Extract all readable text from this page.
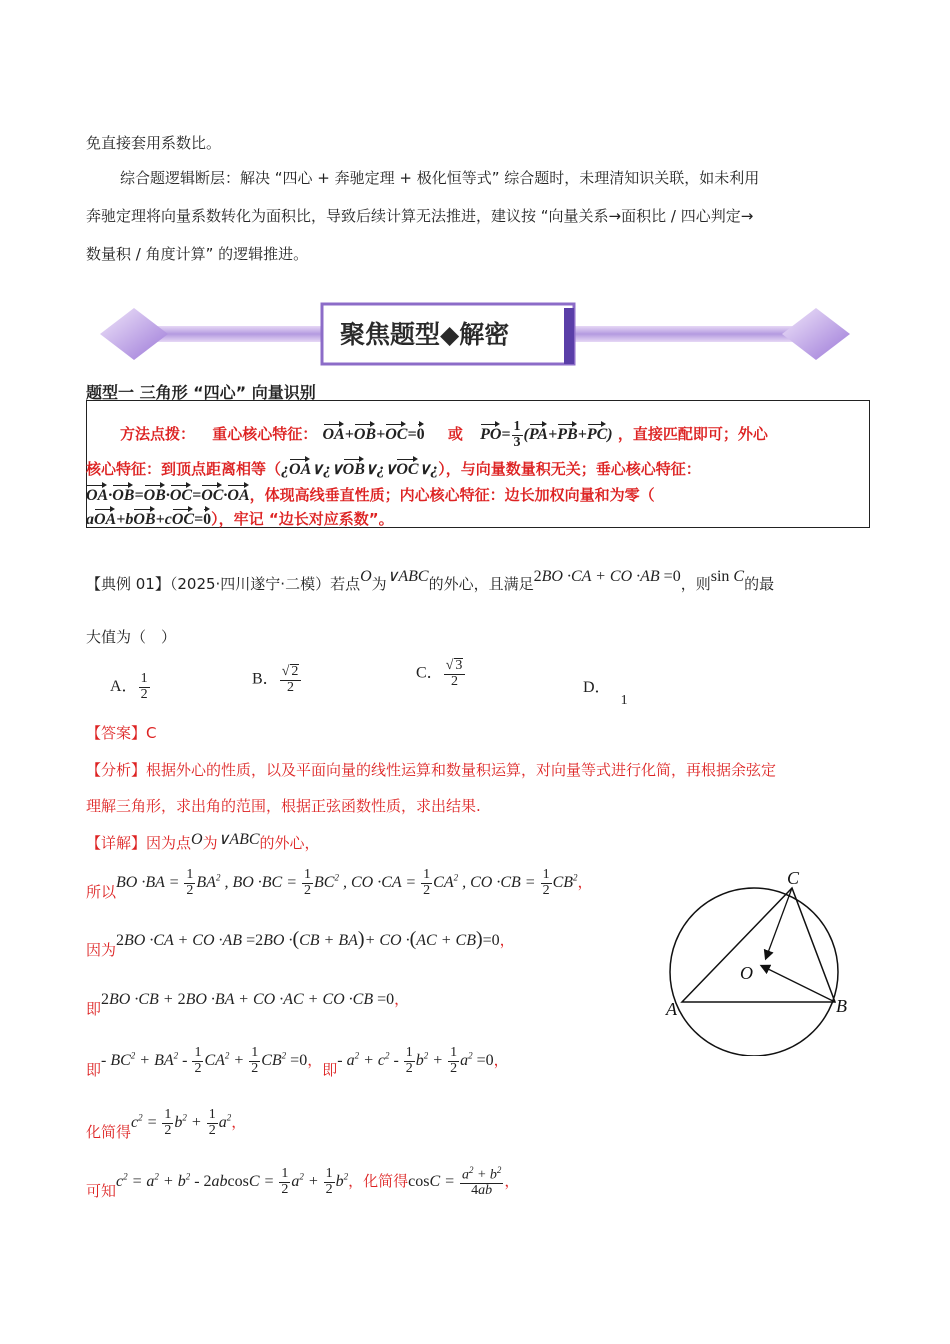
免直接套用系数比。
综合题逻辑断层：解决 “四心 + 奔驰定理 + 极化恒等式” 综合题时，未理清知识关联，如未利用
奔驰定理将向量系数转化为面积比，导致后续计算无法推进，建议按 “向量关系→面积比 / 四心判定→
数量积 / 角度计算” 的逻辑推进。
聚焦题型◆解密
题型一 三角形 “四心” 向量识别
方法点拨： 重心核心特征： OA+OB+OC=0 或 $PO= \frac{1}{3} (PA+PB+PC)$ ，直接匹配即可；外心
核心特征：到顶点距离相等（¿OA∨¿∨OB∨¿∨OC∨¿），与向量数量积无关；垂心核心特征：
OA·OB=OB·OC=OC·OA，体现高线垂直性质；内心核心特征：边长加权向量和为零（
aOA+bOB+cOC=0），牢记 “边长对应系数”。
【典例 01】（2025·四川遂宁·二模）若点O为∨ABC的外心，且满足2BO ·CA + CO ·AB =0，则sin C的最
大值为（　）
A． $\frac{1}{2}$	B． $\frac{√ 2}{2}$	C． $\frac{√ 3}{2}$	D．1
【答案】C
【分析】根据外心的性质，以及平面向量的线性运算和数量积运算，对向量等式进行化简，再根据余弦定
理解三角形，求出角的范围，根据正弦函数性质，求出结果.
【详解】因为点O为∨ABC的外心，
所以BO $\cdot BA = \frac{1}{2} BA^2$ , BO $\cdot BC = \frac{1}{2} BC^2$ , CO $\cdot CA = \frac{1}{2} CA^2$ , CO $\cdot CB = \frac{1}{2} CB^2$，
因为2BO ·CA + CO ·AB =2BO ·(CB + BA)+ CO ·(AC + CB)=0，
即2BO ·CB + 2BO ·BA + CO ·AC + CO ·CB =0，
即- $BC^2 + BA^2 - \frac{1}{2} CA^2 + \frac{1}{2} CB^2 =0$，即- $a^2 + c^2 - \frac{1}{2} b^2 + \frac{1}{2} a^2 =0$，
化简得$c^2 = \frac{1}{2} b^2 + \frac{1}{2} a^2$，
可知$c^2 = a^2 + b^2 - 2abcosC = \frac{1}{2} a^2 + \frac{1}{2} b^2$，化简得$\cos C = \frac{a^2 + b^2}{4ab}$ ，
C
A	B
O
